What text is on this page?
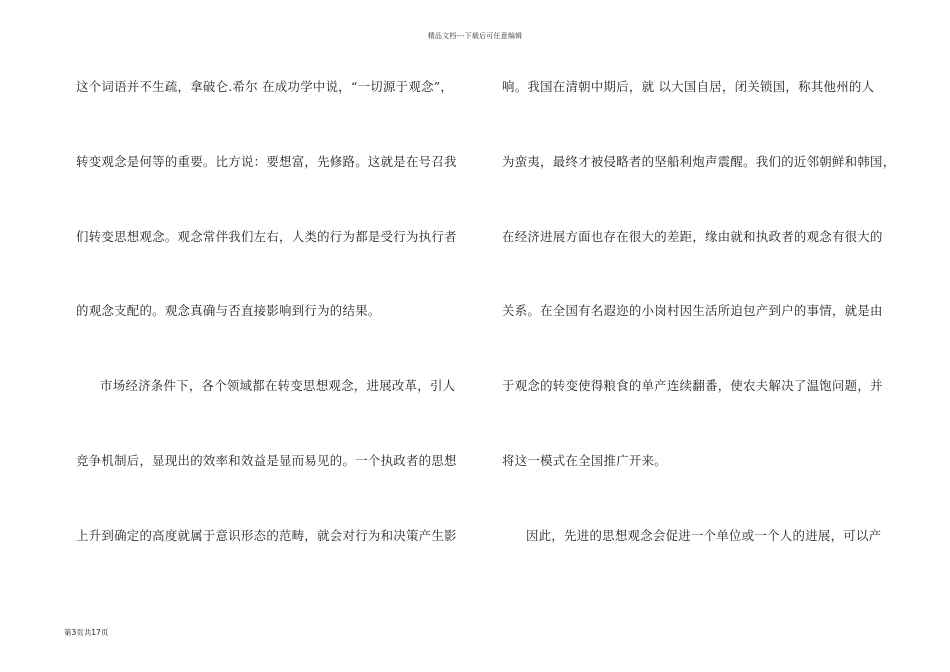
精品文档---下载后可任意编辑
这个词语并不生疏，拿破仑.希尔 在成功学中说，“一切源于观念”，
转变观念是何等的重要。比方说：要想富，先修路。这就是在号召我
们转变思想观念。观念常伴我们左右，人类的行为都是受行为执行者
的观念支配的。观念真确与否直接影响到行为的结果。
市场经济条件下，各个领域都在转变思想观念，进展改革，引人
竞争机制后，显现出的效率和效益是显而易见的。一个执政者的思想
上升到确定的高度就属于意识形态的范畴，就会对行为和决策产生影
响。我国在清朝中期后，就 以大国自居，闭关锁国，称其他州的人
为蛮夷，最终才被侵略者的坚船利炮声震醒。我们的近邻朝鲜和韩国，
在经济进展方面也存在很大的差距，缘由就和执政者的观念有很大的
关系。在全国有名遐迩的小岗村因生活所迫包产到户的事情，就是由
于观念的转变使得粮食的单产连续翻番，使农夫解决了温饱问题，并
将这一模式在全国推广开来。
因此，先进的思想观念会促进一个单位或一个人的进展，可以产
第3页共17页
